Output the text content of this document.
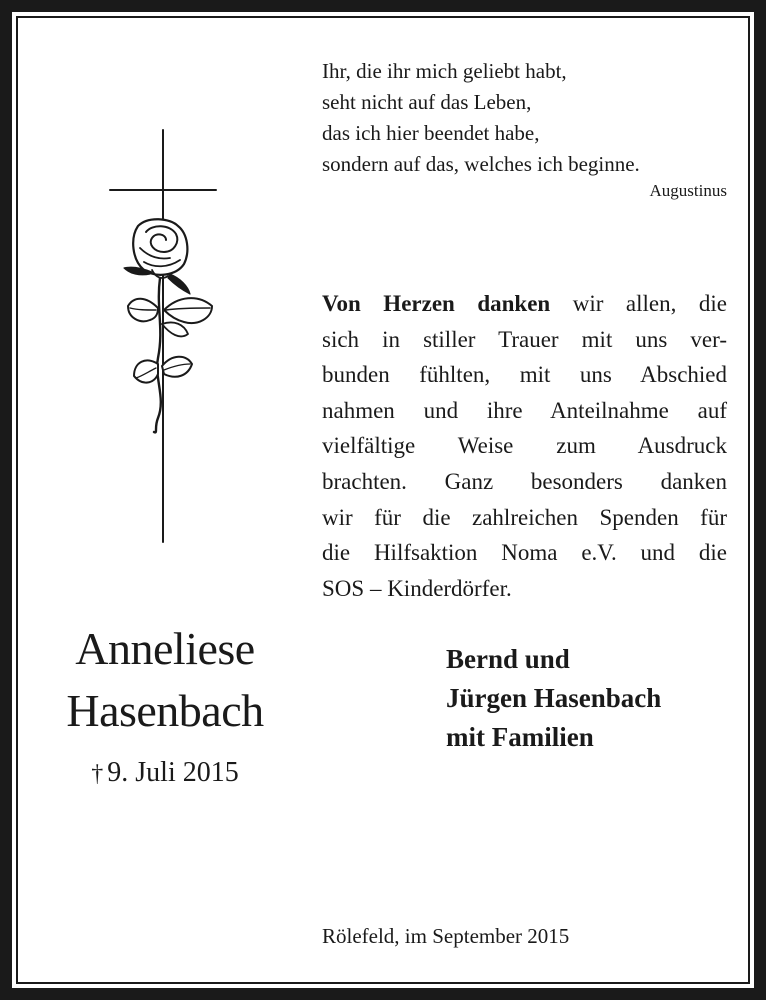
Ihr, die ihr mich geliebt habt,
seht nicht auf das Leben,
das ich hier beendet habe,
sondern auf das, welches ich beginne.
Augustinus
Von Herzen danken wir allen, die
sich in stiller Trauer mit uns ver-
bunden fühlten, mit uns Abschied
nahmen und ihre Anteilnahme auf
vielfältige Weise zum Ausdruck
brachten. Ganz besonders danken
wir für die zahlreichen Spenden für
die Hilfsaktion Noma e.V. und die
SOS – Kinderdörfer.
Anneliese
Hasenbach
† 9. Juli 2015
Bernd und
Jürgen Hasenbach
mit Familien
Rölefeld, im September 2015
